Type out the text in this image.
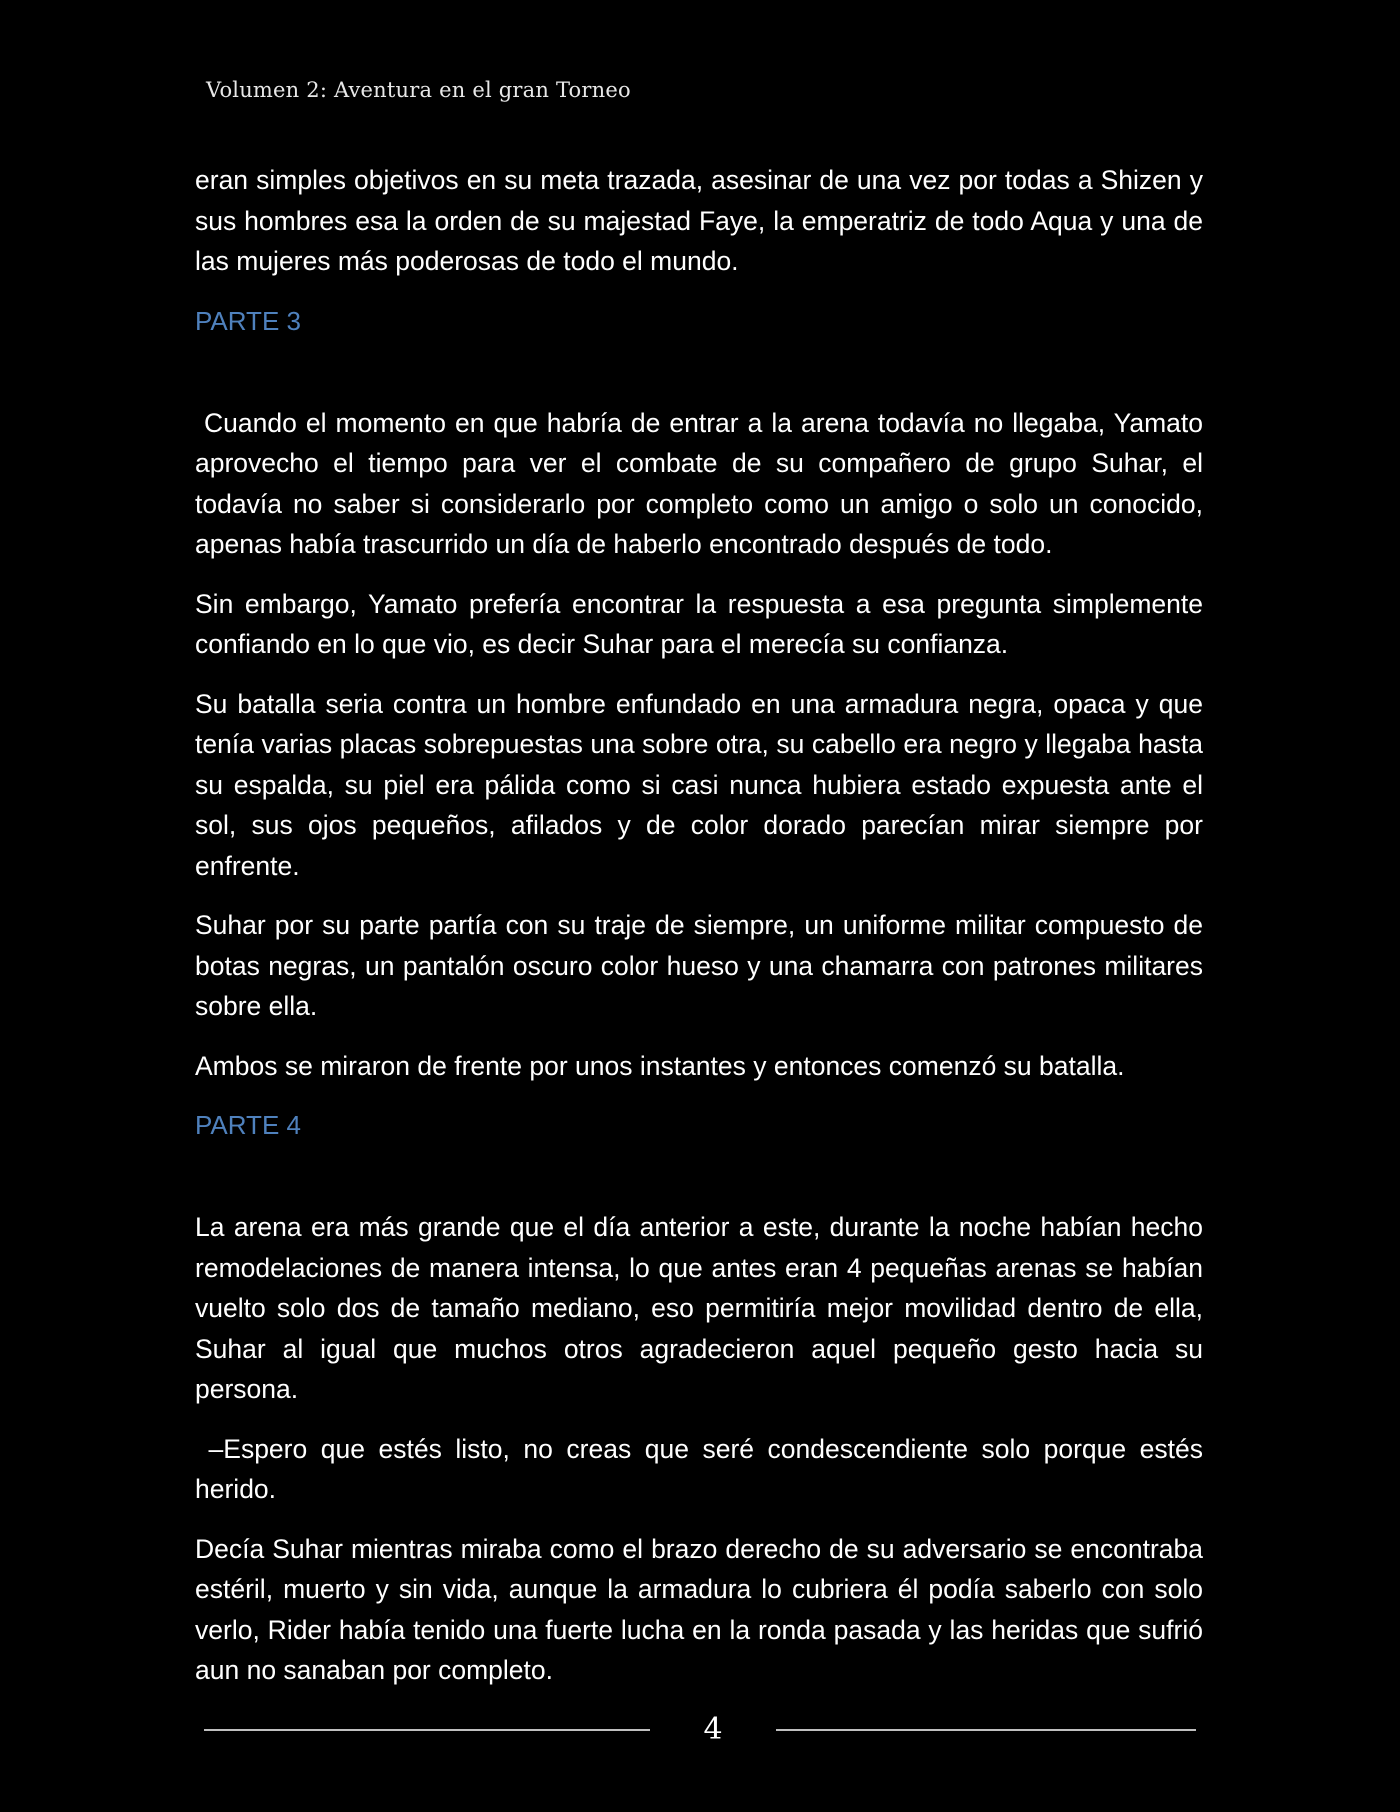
Volumen 2: Aventura en el gran Torneo

eran simples objetivos en su meta trazada, asesinar de una vez por todas a Shizen y sus hombres esa la orden de su majestad Faye, la emperatriz de todo Aqua y una de las mujeres más poderosas de todo el mundo.

PARTE 3

Cuando el momento en que habría de entrar a la arena todavía no llegaba, Yamato aprovecho el tiempo para ver el combate de su compañero de grupo Suhar, el todavía no saber si considerarlo por completo como un amigo o solo un conocido, apenas había trascurrido un día de haberlo encontrado después de todo.

Sin embargo, Yamato prefería encontrar la respuesta a esa pregunta simplemente confiando en lo que vio, es decir Suhar para el merecía su confianza.

Su batalla seria contra un hombre enfundado en una armadura negra, opaca y que tenía varias placas sobrepuestas una sobre otra, su cabello era negro y llegaba hasta su espalda, su piel era pálida como si casi nunca hubiera estado expuesta ante el sol, sus ojos pequeños, afilados y de color dorado parecían mirar siempre por enfrente.

Suhar por su parte partía con su traje de siempre, un uniforme militar compuesto de botas negras, un pantalón oscuro color hueso y una chamarra con patrones militares sobre ella.

Ambos se miraron de frente por unos instantes y entonces comenzó su batalla.

PARTE 4

La arena era más grande que el día anterior a este, durante la noche habían hecho remodelaciones de manera intensa, lo que antes eran 4 pequeñas arenas se habían vuelto solo dos de tamaño mediano, eso permitiría mejor movilidad dentro de ella, Suhar al igual que muchos otros agradecieron aquel pequeño gesto hacia su persona.

–Espero que estés listo, no creas que seré condescendiente solo porque estés herido.

Decía Suhar mientras miraba como el brazo derecho de su adversario se encontraba estéril, muerto y sin vida, aunque la armadura lo cubriera él podía saberlo con solo verlo, Rider había tenido una fuerte lucha en la ronda pasada y las heridas que sufrió aun no sanaban por completo.

4
